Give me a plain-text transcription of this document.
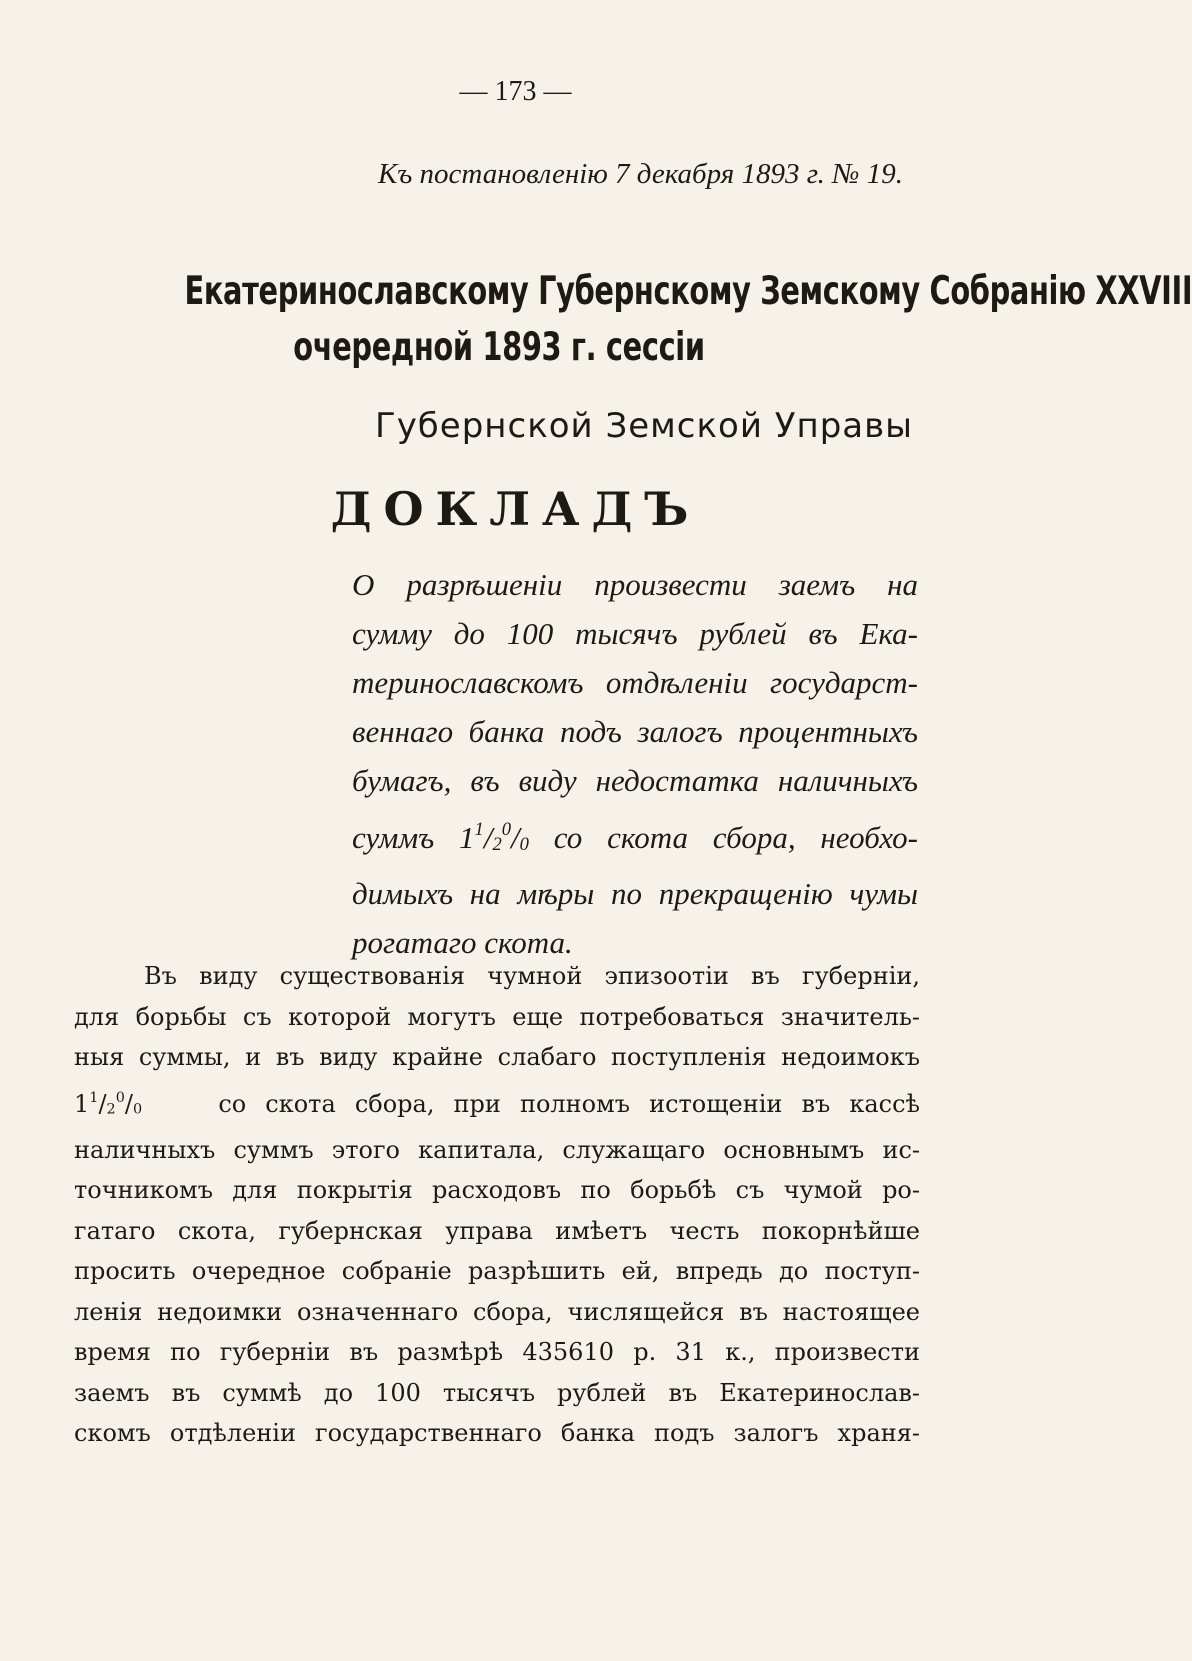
— 173 —
Къ постановленію 7 декабря 1893 г. № 19.
Екатеринославскому Губернскому Земскому Собранію XXVIII
очередной 1893 г. сессіи
Губернской Земской Управы
ДОКЛАДЪ
О разрѣшеніи произвести заемъ на
сумму до 100 тысячъ рублей въ Ека-
теринославскомъ отдѣленіи государст-
веннаго банка подъ залогъ процентныхъ
бумагъ, въ виду недостатка наличныхъ
суммъ $1^1/_2^0/_0$ со скота сбора, необхо-
димыхъ на мѣры по прекращенію чумы
рогатаго скота.
Въ виду существованія чумной эпизоотіи въ губерніи,
для борьбы съ которой могутъ еще потребоваться значитель-
ныя суммы, и въ виду крайне слабаго поступленія недоимокъ
$1^1/_2^0/_0$	со скота сбора, при полномъ истощеніи въ кассѣ
наличныхъ суммъ этого капитала, служащаго основнымъ ис-
точникомъ для покрытія расходовъ по борьбѣ съ чумой ро-
гатаго скота, губернская управа имѣетъ честь покорнѣйше
просить очередное собраніе разрѣшить ей, впредь до поступ-
ленія недоимки означеннаго сбора, числящейся въ настоящее
время по губерніи въ размѣрѣ 435610 р. 31 к., произвести
заемъ въ суммѣ до 100 тысячъ рублей въ Екатеринослав-
скомъ отдѣленіи государственнаго банка подъ залогъ храня-
